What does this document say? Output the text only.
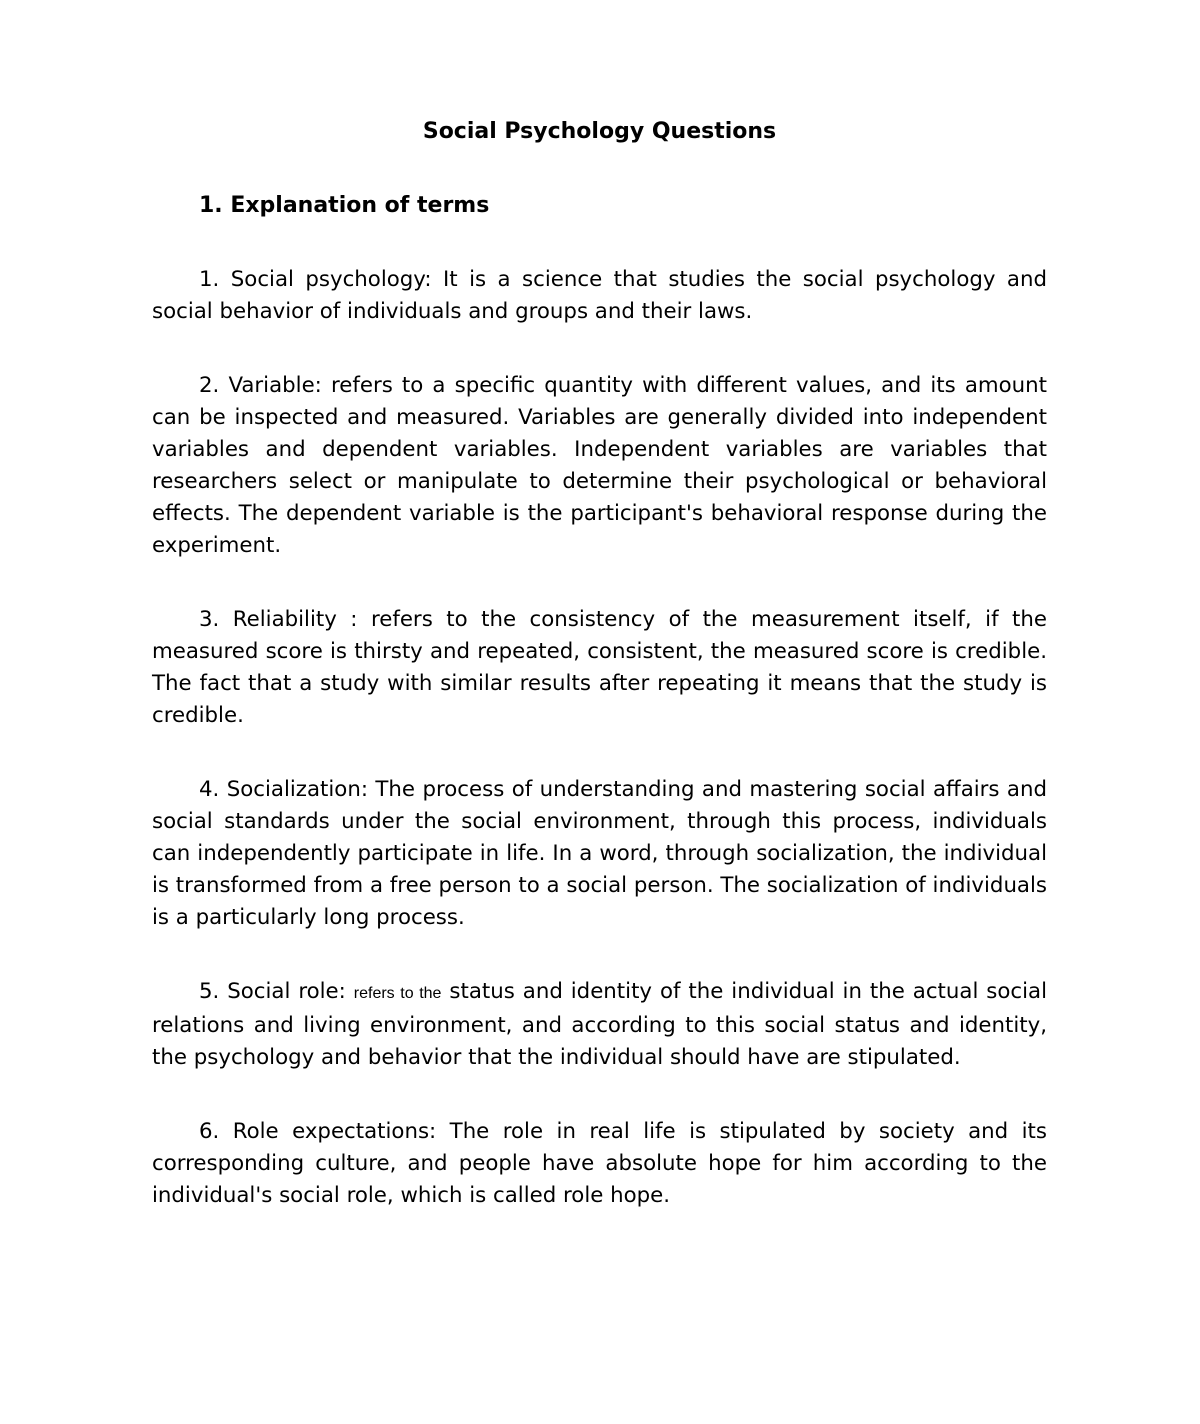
Social Psychology Questions
1. Explanation of terms

1. Social psychology: It is a science that studies the social psychology and social behavior of individuals and groups and their laws.

2. Variable: refers to a specific quantity with different values, and its amount can be inspected and measured. Variables are generally divided into independent variables and dependent variables. Independent variables are variables that researchers select or manipulate to determine their psychological or behavioral effects. The dependent variable is the participant's behavioral response during the experiment.

3. Reliability : refers to the consistency of the measurement itself, if the measured score is thirsty and repeated, consistent, the measured score is credible. The fact that a study with similar results after repeating it means that the study is credible.

4. Socialization: The process of understanding and mastering social affairs and social standards under the social environment, through this process, individuals can independently participate in life. In a word, through socialization, the individual is transformed from a free person to a social person. The socialization of individuals is a particularly long process.

5. Social role: refers to the status and identity of the individual in the actual social relations and living environment, and according to this social status and identity, the psychology and behavior that the individual should have are stipulated.

6. Role expectations: The role in real life is stipulated by society and its corresponding culture, and people have absolute hope for him according to the individual's social role, which is called role hope.
